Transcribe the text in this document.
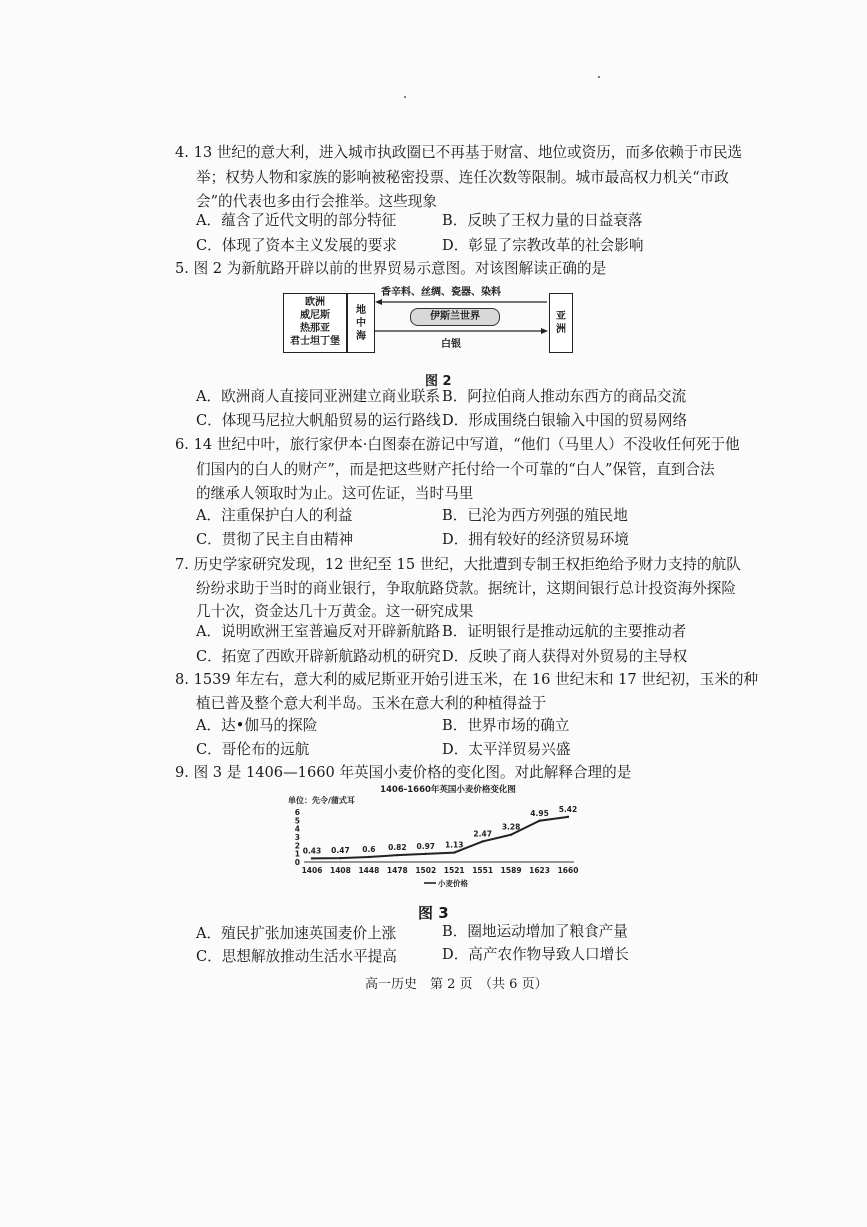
4. 13 世纪的意大利，进入城市执政圈已不再基于财富、地位或资历，而多依赖于市民选
举；权势人物和家族的影响被秘密投票、连任次数等限制。城市最高权力机关“市政
会”的代表也多由行会推举。这些现象
A．蕴含了近代文明的部分特征	B．反映了王权力量的日益衰落
C．体现了资本主义发展的要求	D．彰显了宗教改革的社会影响
5. 图 2 为新航路开辟以前的世界贸易示意图。对该图解读正确的是
欧洲
威尼斯
热那亚
君士坦丁堡
地
中
海
伊斯兰世界	亚
洲
香辛料、丝绸、瓷器、染料
白银
图 2
A．欧洲商人直接同亚洲建立商业联系 B．阿拉伯商人推动东西方的商品交流
C．体现马尼拉大帆船贸易的运行路线 D．形成围绕白银输入中国的贸易网络
6. 14 世纪中叶，旅行家伊本·白图泰在游记中写道，“他们（马里人）不没收任何死于他
们国内的白人的财产”，而是把这些财产托付给一个可靠的“白人”保管，直到合法
的继承人领取时为止。这可佐证，当时马里
A．注重保护白人的利益	B．已沦为西方列强的殖民地
C．贯彻了民主自由精神	D．拥有较好的经济贸易环境
7. 历史学家研究发现，12 世纪至 15 世纪，大批遭到专制王权拒绝给予财力支持的航队
纷纷求助于当时的商业银行，争取航路贷款。据统计，这期间银行总计投资海外探险
几十次，资金达几十万黄金。这一研究成果
A．说明欧洲王室普遍反对开辟新航路 B．证明银行是推动远航的主要推动者
C．拓宽了西欧开辟新航路动机的研究 D．反映了商人获得对外贸易的主导权
8. 1539 年左右，意大利的威尼斯亚开始引进玉米，在 16 世纪末和 17 世纪初，玉米的种
植已普及整个意大利半岛。玉米在意大利的种植得益于
A．达•伽马的探险	B．世界市场的确立
C．哥伦布的远航	D．太平洋贸易兴盛
9. 图 3 是 1406—1660 年英国小麦价格的变化图。对此解释合理的是
1406-1660年英国小麦价格变化图
单位：先令/蒲式耳
0
1
2
3
4
5
6
1406 1408 1448 1478 1502 1521 1551 1589 1623 1660
0.43 0.47 0.6 0.82 0.97 1.13
2.47
3.28
4.95 5.42
小麦价格
图 3
A．殖民扩张加速英国麦价上涨	B．圈地运动增加了粮食产量
C．思想解放推动生活水平提高	D．高产农作物导致人口增长
高一历史　第 2 页　（共 6 页）
